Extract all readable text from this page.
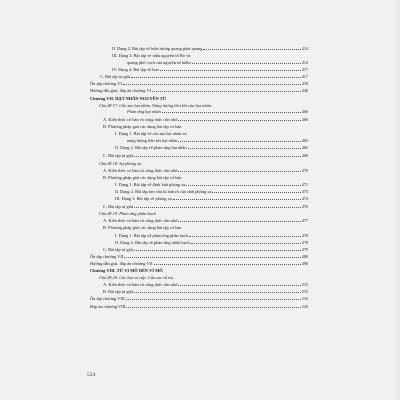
II. Dạng 2. Bài tập về hiện tượng quang phát quang	414
III. Dạng 3. Bài tập về mẫu nguyên tử Bo và
quang phổ vạch của nguyên tử hiđro	414
IV. Dạng 4. Bài tập về laze	417
C. Bài tập tự giải	417
Ôn tập chương VI	418
Hướng dẫn giải, đáp án chương VI	440
Chương VII. HẠT NHÂN NGUYÊN TỬ
Chủ đề 17. Cấu tạo hạt nhân. Năng lượng liên kết của hạt nhân.
Phản ứng hạt nhân	460
A. Kiến thức cơ bản và công thức cần nhớ	460
B. Phương pháp giải các dạng bài tập cơ bản
I. Dạng 1. Bài tập về cấu tạo hạt nhân và
năng lượng liên kết hạt nhân	463
II. Dạng 2. Bài tập về phản ứng hạt nhân	465
C. Bài tập tự giải	469
Chủ đề 18. Sự phóng xạ
A. Kiến thức cơ bản và công thức cần nhớ	470
B. Phương pháp giải các dạng bài tập cơ bản
I. Dạng 1. Bài tập về định luật phóng xạ	471
II. Dạng 2. Bài tập tìm chu kì bán rã của chất phóng xạ	473
III. Dạng 3. Bài tập về phóng xạ	474
C. Bài tập tự giải	476
Chủ đề 19. Phản ứng phân hạch
A. Kiến thức cơ bản và công thức cần nhớ	477
B. Phương pháp giải các dạng bài tập cơ bản
I. Dạng 1. Bài tập về phản ứng phân hạch	478
II. Dạng 2. Bài tập về phản ứng nhiệt hạch	478
C. Bài tập tự giải	479
Ôn tập chương VII	480
Hướng dẫn giải, đáp án chương VII	496
Chương VIII. TỪ VI MÔ ĐẾN VĨ MÔ
Chủ đề 20. Các hạt sơ cấp. Cấu tạo vũ trụ
A. Kiến thức cơ bản và công thức cần nhớ	515
B. Bài tập tự giải	515
Ôn tập chương VIII	516
Đáp án chương VIII	520
524
